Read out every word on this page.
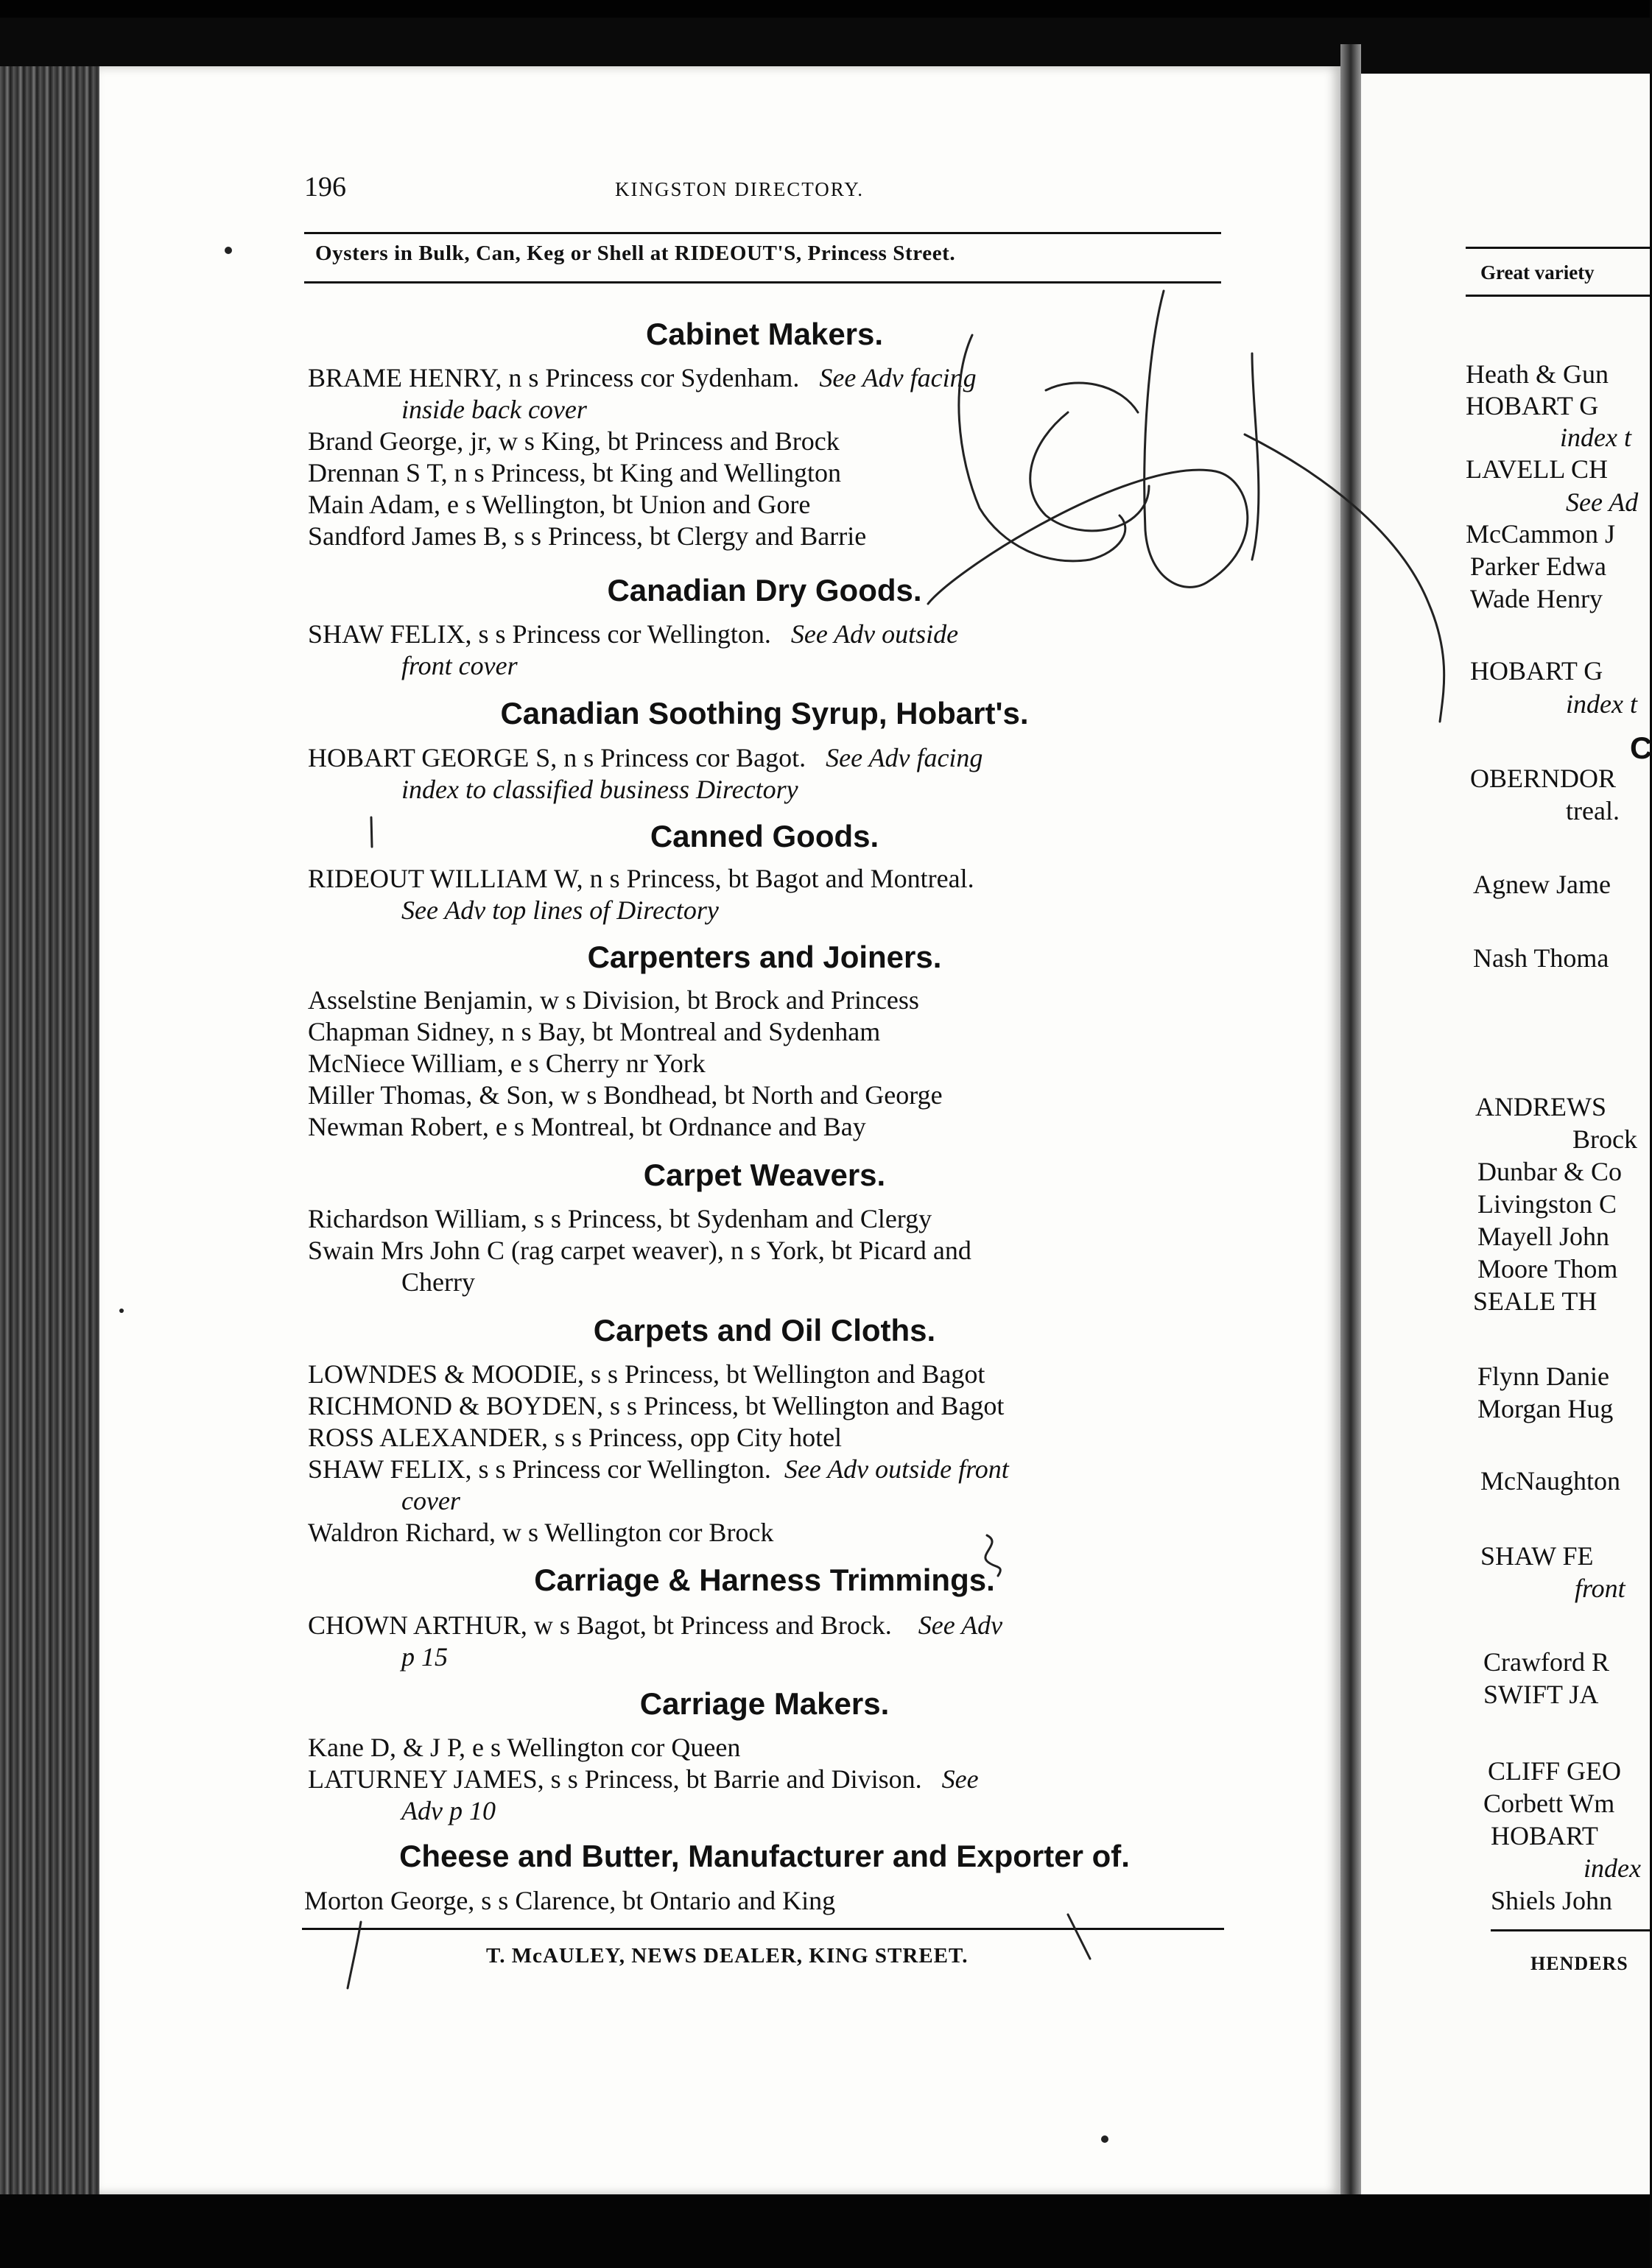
196	KINGSTON DIRECTORY.
Oysters in Bulk, Can, Keg or Shell at RIDEOUT'S, Princess Street.
Cabinet Makers.
BRAME HENRY, n s Princess cor Sydenham. See Adv facing
inside back cover
Brand George, jr, w s King, bt Princess and Brock
Drennan S T, n s Princess, bt King and Wellington
Main Adam, e s Wellington, bt Union and Gore
Sandford James B, s s Princess, bt Clergy and Barrie
Canadian Dry Goods.
SHAW FELIX, s s Princess cor Wellington. See Adv outside
front cover
Canadian Soothing Syrup, Hobart's.
HOBART GEORGE S, n s Princess cor Bagot. See Adv facing
index to classified business Directory
Canned Goods.
RIDEOUT WILLIAM W, n s Princess, bt Bagot and Montreal.
See Adv top lines of Directory
Carpenters and Joiners.
Asselstine Benjamin, w s Division, bt Brock and Princess
Chapman Sidney, n s Bay, bt Montreal and Sydenham
McNiece William, e s Cherry nr York
Miller Thomas, & Son, w s Bondhead, bt North and George
Newman Robert, e s Montreal, bt Ordnance and Bay
Carpet Weavers.
Richardson William, s s Princess, bt Sydenham and Clergy
Swain Mrs John C (rag carpet weaver), n s York, bt Picard and
Cherry
Carpets and Oil Cloths.
LOWNDES & MOODIE, s s Princess, bt Wellington and Bagot
RICHMOND & BOYDEN, s s Princess, bt Wellington and Bagot
ROSS ALEXANDER, s s Princess, opp City hotel
SHAW FELIX, s s Princess cor Wellington. See Adv outside front
cover
Waldron Richard, w s Wellington cor Brock
Carriage & Harness Trimmings.
CHOWN ARTHUR, w s Bagot, bt Princess and Brock. See Adv
p 15
Carriage Makers.
Kane D, & J P, e s Wellington cor Queen
LATURNEY JAMES, s s Princess, bt Barrie and Divison. See
Adv p 10
Cheese and Butter, Manufacturer and Exporter of.
Morton George, s s Clarence, bt Ontario and King
T. McAULEY, NEWS DEALER, KING STREET.
Great variety
Heath & Gun
HOBART G
index t
LAVELL CH
See Ad
McCammon J
Parker Edwa
Wade Henry
HOBART G
index t
C
OBERNDOR
treal.
Agnew Jame
Nash Thoma
ANDREWS
Brock
Dunbar & Co
Livingston C
Mayell John
Moore Thom
SEALE TH
Flynn Danie
Morgan Hug
McNaughton
SHAW FE
front
Crawford R
SWIFT JA
CLIFF GEO
Corbett Wm
HOBART
index
Shiels John
HENDERS
